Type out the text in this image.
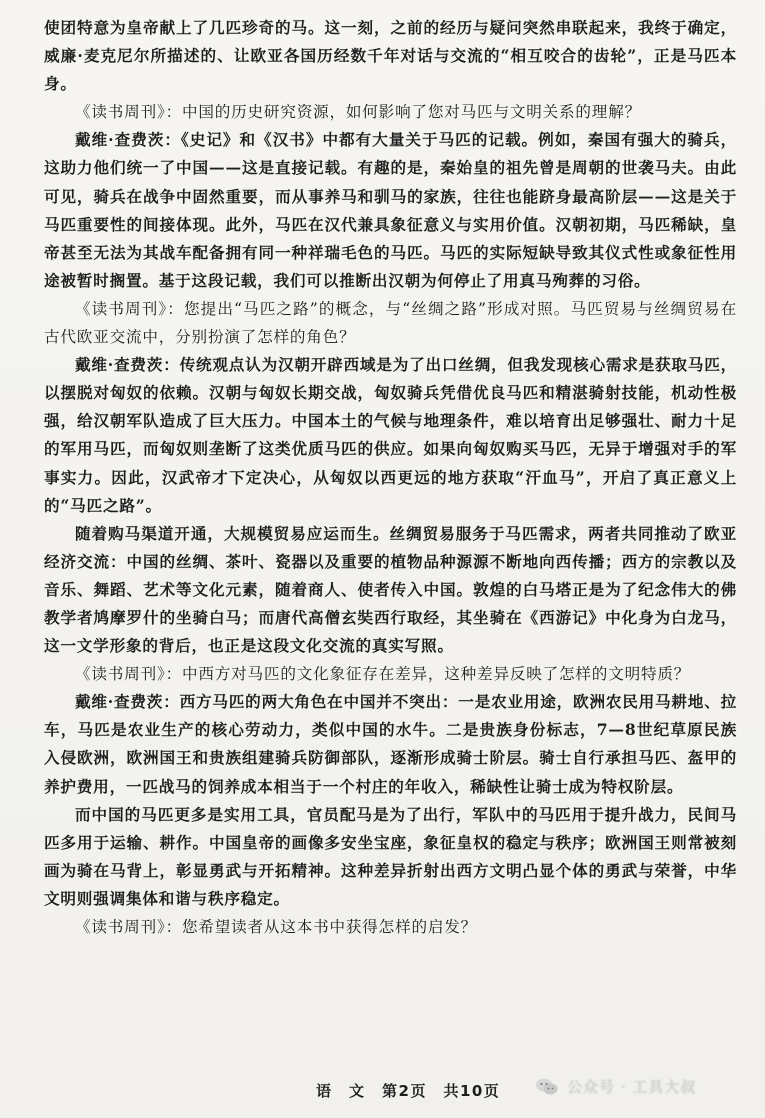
使团特意为皇帝献上了几匹珍奇的马。这一刻，之前的经历与疑问突然串联起来，我终于确定，威廉·麦克尼尔所描述的、让欧亚各国历经数千年对话与交流的“相互咬合的齿轮”，正是马匹本身。

《读书周刊》：中国的历史研究资源，如何影响了您对马匹与文明关系的理解？

戴维·查费茨：《史记》和《汉书》中都有大量关于马匹的记载。例如，秦国有强大的骑兵，这助力他们统一了中国——这是直接记载。有趣的是，秦始皇的祖先曾是周朝的世袭马夫。由此可见，骑兵在战争中固然重要，而从事养马和驯马的家族，往往也能跻身最高阶层——这是关于马匹重要性的间接体现。此外，马匹在汉代兼具象征意义与实用价值。汉朝初期，马匹稀缺，皇帝甚至无法为其战车配备拥有同一种祥瑞毛色的马匹。马匹的实际短缺导致其仪式性或象征性用途被暂时搁置。基于这段记载，我们可以推断出汉朝为何停止了用真马殉葬的习俗。

《读书周刊》：您提出“马匹之路”的概念，与“丝绸之路”形成对照。马匹贸易与丝绸贸易在古代欧亚交流中，分别扮演了怎样的角色？

戴维·查费茨：传统观点认为汉朝开辟西域是为了出口丝绸，但我发现核心需求是获取马匹，以摆脱对匈奴的依赖。汉朝与匈奴长期交战，匈奴骑兵凭借优良马匹和精湛骑射技能，机动性极强，给汉朝军队造成了巨大压力。中国本土的气候与地理条件，难以培育出足够强壮、耐力十足的军用马匹，而匈奴则垄断了这类优质马匹的供应。如果向匈奴购买马匹，无异于增强对手的军事实力。因此，汉武帝才下定决心，从匈奴以西更远的地方获取“汗血马”，开启了真正意义上的“马匹之路”。

随着购马渠道开通，大规模贸易应运而生。丝绸贸易服务于马匹需求，两者共同推动了欧亚经济交流：中国的丝绸、茶叶、瓷器以及重要的植物品种源源不断地向西传播；西方的宗教以及音乐、舞蹈、艺术等文化元素，随着商人、使者传入中国。敦煌的白马塔正是为了纪念伟大的佛教学者鸠摩罗什的坐骑白马；而唐代高僧玄奘西行取经，其坐骑在《西游记》中化身为白龙马，这一文学形象的背后，也正是这段文化交流的真实写照。

《读书周刊》：中西方对马匹的文化象征存在差异，这种差异反映了怎样的文明特质？

戴维·查费茨：西方马匹的两大角色在中国并不突出：一是农业用途，欧洲农民用马耕地、拉车，马匹是农业生产的核心劳动力，类似中国的水牛。二是贵族身份标志，7—8世纪草原民族入侵欧洲，欧洲国王和贵族组建骑兵防御部队，逐渐形成骑士阶层。骑士自行承担马匹、盔甲的养护费用，一匹战马的饲养成本相当于一个村庄的年收入，稀缺性让骑士成为特权阶层。

而中国的马匹更多是实用工具，官员配马是为了出行，军队中的马匹用于提升战力，民间马匹多用于运输、耕作。中国皇帝的画像多安坐宝座，象征皇权的稳定与秩序；欧洲国王则常被刻画为骑在马背上，彰显勇武与开拓精神。这种差异折射出西方文明凸显个体的勇武与荣誉，中华文明则强调集体和谐与秩序稳定。

《读书周刊》：您希望读者从这本书中获得怎样的启发？

语　文　第2页　共10页	公众号 · 工具大叔
